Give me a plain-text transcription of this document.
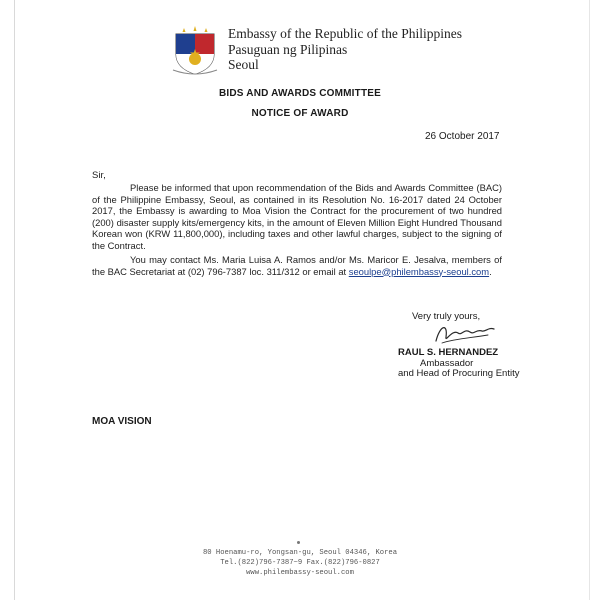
Embassy of the Republic of the Philippines
Pasuguan ng Pilipinas
Seoul
BIDS AND AWARDS COMMITTEE
NOTICE OF AWARD
26 October 2017
Sir,
Please be informed that upon recommendation of the Bids and Awards Committee (BAC) of the Philippine Embassy, Seoul, as contained in its Resolution No. 16-2017 dated 24 October 2017, the Embassy is awarding to Moa Vision the Contract for the procurement of two hundred (200) disaster supply kits/emergency kits, in the amount of Eleven Million Eight Hundred Thousand Korean won (KRW 11,800,000), including taxes and other lawful charges, subject to the signing of the Contract.
You may contact Ms. Maria Luisa A. Ramos and/or Ms. Maricor E. Jesalva, members of the BAC Secretariat at (02) 796-7387 loc. 311/312 or email at seoulpe@philembassy-seoul.com.
Very truly yours,
RAUL S. HERNANDEZ
Ambassador
and Head of Procuring Entity
MOA VISION
80 Hoenamu-ro, Yongsan-gu, Seoul 04346, Korea
Tel.(822)796-7387~9 Fax.(822)796-0827
www.philembassy-seoul.com
